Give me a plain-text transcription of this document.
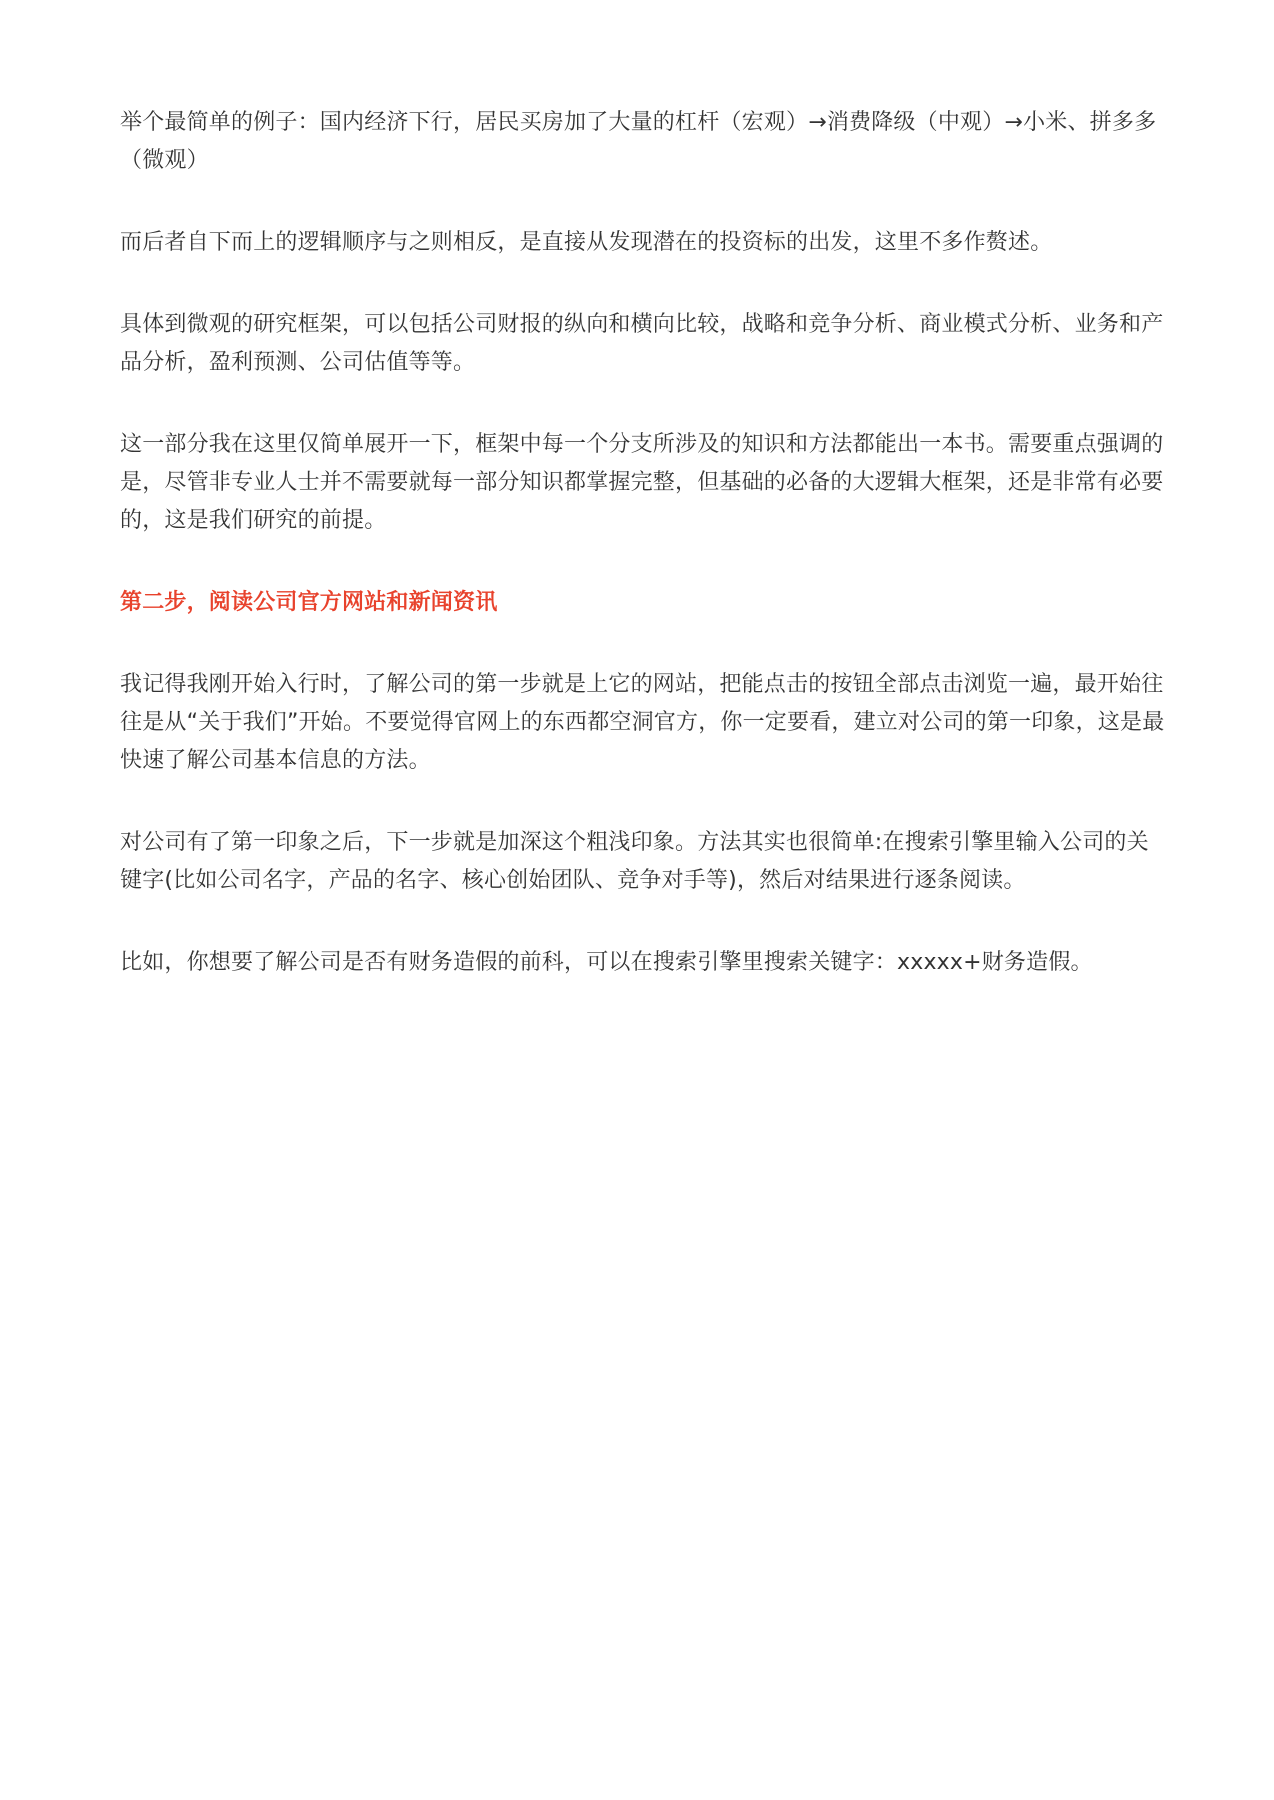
举个最简单的例子：国内经济下行，居民买房加了大量的杠杆（宏观）→消费降级（中观）→小米、拼多多（微观）

而后者自下而上的逻辑顺序与之则相反，是直接从发现潜在的投资标的出发，这里不多作赘述。

具体到微观的研究框架，可以包括公司财报的纵向和横向比较，战略和竞争分析、商业模式分析、业务和产品分析，盈利预测、公司估值等等。

这一部分我在这里仅简单展开一下，框架中每一个分支所涉及的知识和方法都能出一本书。需要重点强调的是，尽管非专业人士并不需要就每一部分知识都掌握完整，但基础的必备的大逻辑大框架，还是非常有必要的，这是我们研究的前提。

第二步，阅读公司官方网站和新闻资讯

我记得我刚开始入行时，了解公司的第一步就是上它的网站，把能点击的按钮全部点击浏览一遍，最开始往往是从“关于我们”开始。不要觉得官网上的东西都空洞官方，你一定要看，建立对公司的第一印象，这是最快速了解公司基本信息的方法。

对公司有了第一印象之后，下一步就是加深这个粗浅印象。方法其实也很简单:在搜索引擎里输入公司的关键字(比如公司名字，产品的名字、核心创始团队、竞争对手等)，然后对结果进行逐条阅读。

比如，你想要了解公司是否有财务造假的前科，可以在搜索引擎里搜索关键字：xxxxx+财务造假。
